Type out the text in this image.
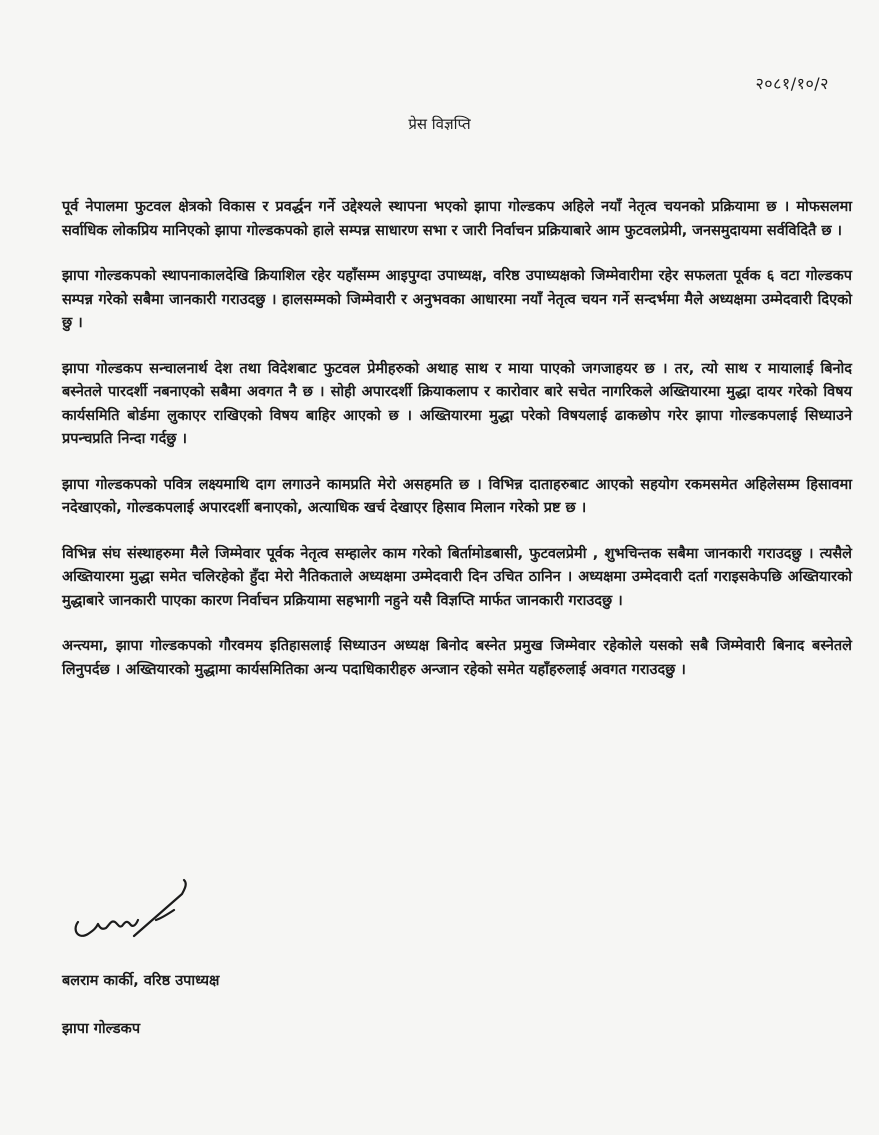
२०८१/१०/२
प्रेस विज्ञप्ति

पूर्व नेपालमा फुटवल क्षेत्रको विकास र प्रवर्द्धन गर्ने उद्देश्यले स्थापना भएको झापा गोल्डकप अहिले नयाँ नेतृत्व चयनको प्रक्रियामा छ । मोफसलमा सर्वाधिक लोकप्रिय मानिएको झापा गोल्डकपको हाले सम्पन्न साधारण सभा र जारी निर्वाचन प्रक्रियाबारे आम फुटवलप्रेमी, जनसमुदायमा सर्वविदितै छ ।

झापा गोल्डकपको स्थापनाकालदेखि क्रियाशिल रहेर यहाँसम्म आइपुग्दा उपाध्यक्ष, वरिष्ठ उपाध्यक्षको जिम्मेवारीमा रहेर सफलता पूर्वक ६ वटा गोल्डकप सम्पन्न गरेको सबैमा जानकारी गराउदछु । हालसम्मको जिम्मेवारी र अनुभवका आधारमा नयाँ नेतृत्व चयन गर्ने सन्दर्भमा मैले अध्यक्षमा उम्मेदवारी दिएको छु ।

झापा गोल्डकप सन्चालनार्थ देश तथा विदेशबाट फुटवल प्रेमीहरुको अथाह साथ र माया पाएको जगजाहयर छ । तर, त्यो साथ र मायालाई बिनोद बस्नेतले पारदर्शी नबनाएको सबैमा अवगत नै छ । सोही अपारदर्शी क्रियाकलाप र कारोवार बारे सचेत नागरिकले अख्तियारमा मुद्धा दायर गरेको विषय कार्यसमिति बोर्डमा लुकाएर राखिएको विषय बाहिर आएको छ । अख्तियारमा मुद्धा परेको विषयलाई ढाकछोप गरेर झापा गोल्डकपलाई सिध्याउने प्रपन्चप्रति निन्दा गर्दछु ।

झापा गोल्डकपको पवित्र लक्ष्यमाथि दाग लगाउने कामप्रति मेरो असहमति छ । विभिन्न दाताहरुबाट आएको सहयोग रकमसमेत अहिलेसम्म हिसावमा नदेखाएको, गोल्डकपलाई अपारदर्शी बनाएको, अत्याधिक खर्च देखाएर हिसाव मिलान गरेको प्रष्ट छ ।

विभिन्न संघ संस्थाहरुमा मैले जिम्मेवार पूर्वक नेतृत्व सम्हालेर काम गरेको बिर्तामोडबासी, फुटवलप्रेमी , शुभचिन्तक सबैमा जानकारी गराउदछु । त्यसैले अख्तियारमा मुद्धा समेत चलिरहेको हुँदा मेरो नैतिकताले अध्यक्षमा उम्मेदवारी दिन उचित ठानिन । अध्यक्षमा उम्मेदवारी दर्ता गराइसकेपछि अख्तियारको मुद्धाबारे जानकारी पाएका कारण निर्वाचन प्रक्रियामा सहभागी नहुने यसै विज्ञप्ति मार्फत जानकारी गराउदछु ।

अन्त्यमा, झापा गोल्डकपको गौरवमय इतिहासलाई सिध्याउन अध्यक्ष बिनोद बस्नेत प्रमुख जिम्मेवार रहेकोले यसको सबै जिम्मेवारी बिनाद बस्नेतले लिनुपर्दछ । अख्तियारको मुद्धामा कार्यसमितिका अन्य पदाधिकारीहरु अन्जान रहेको समेत यहाँहरुलाई अवगत गराउदछु ।

बलराम कार्की, वरिष्ठ उपाध्यक्ष
झापा गोल्डकप
